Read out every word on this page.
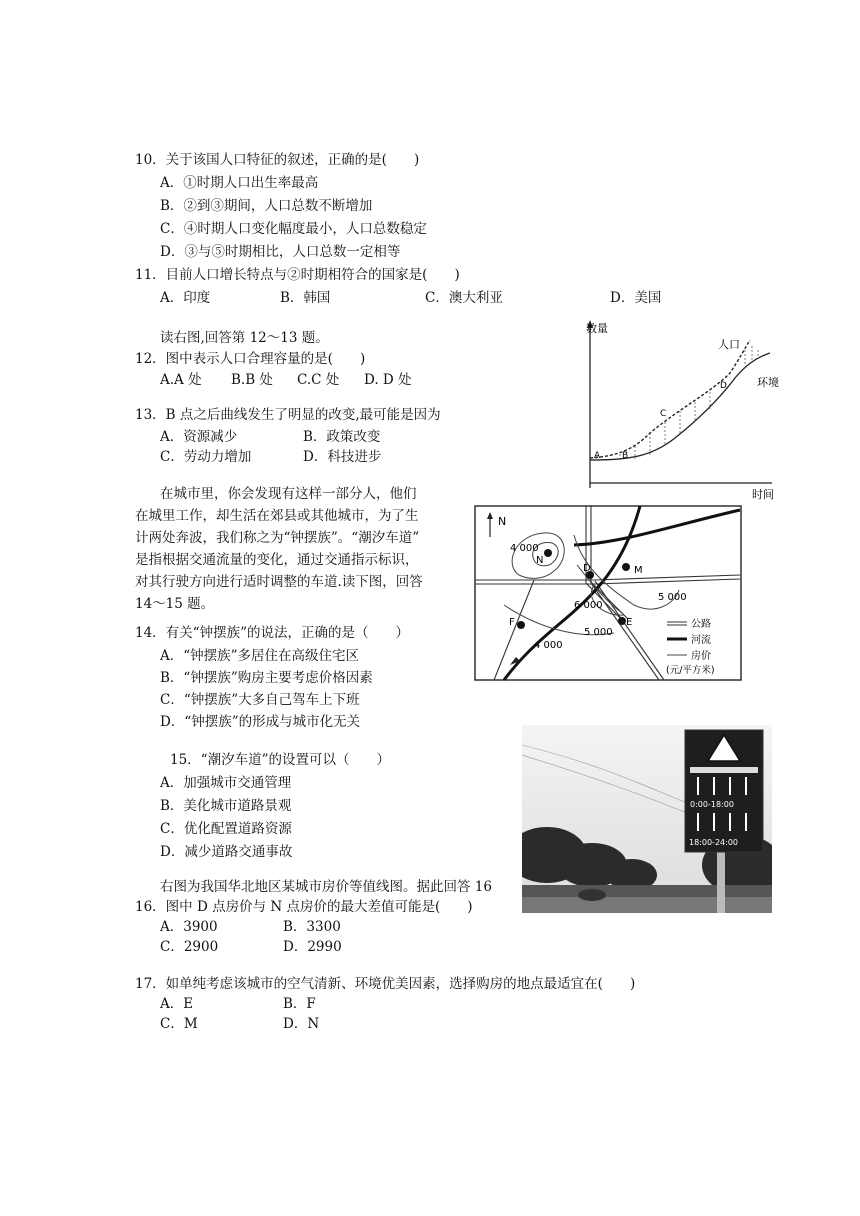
10．关于该国人口特征的叙述，正确的是(　　)
A．①时期人口出生率最高
B．②到③期间，人口总数不断增加
C．④时期人口变化幅度最小，人口总数稳定
D．③与⑤时期相比，人口总数一定相等
11．目前人口增长特点与②时期相符合的国家是(　　)
A．印度	B．韩国	C．澳大利亚	D．美国
读右图,回答第 12～13 题。
12．图中表示人口合理容量的是(　　)
A.A 处 B.B 处 C.C 处 D. D 处
13．B 点之后曲线发生了明显的改变,最可能是因为
A．资源减少	B．政策改变
C．劳动力增加	D．科技进步
在城市里，你会发现有这样一部分人，他们
在城里工作，却生活在郊县或其他城市，为了生
计两处奔波，我们称之为“钟摆族”。“潮汐车道”
是指根据交通流量的变化，通过交通指示标识，
对其行驶方向进行适时调整的车道.读下图，回答
14～15 题。
14．有关“钟摆族”的说法，正确的是（　　）
A．“钟摆族”多居住在高级住宅区
B．“钟摆族”购房主要考虑价格因素
C．“钟摆族”大多自己驾车上下班
D．“钟摆族”的形成与城市化无关
15．“潮汐车道”的设置可以（　　）
A．加强城市交通管理
B．美化城市道路景观
C．优化配置道路资源
D．减少道路交通事故
右图为我国华北地区某城市房价等值线图。据此回答 16
16．图中 D 点房价与 N 点房价的最大差值可能是(　　)
A．3900	B．3300
C．2900	D．2990
17．如单纯考虑该城市的空气清新、环境优美因素，选择购房的地点最适宜在(　　)
A．E	B．F
C．M	D．N
数量
时间
A B
C
D
人口
环境
N
4 000
5 000
6 000
5 000
4 000
N
D	M
F	E	公路
河流
房价
(元/平方米)
0:00-18:00
18:00-24:00
